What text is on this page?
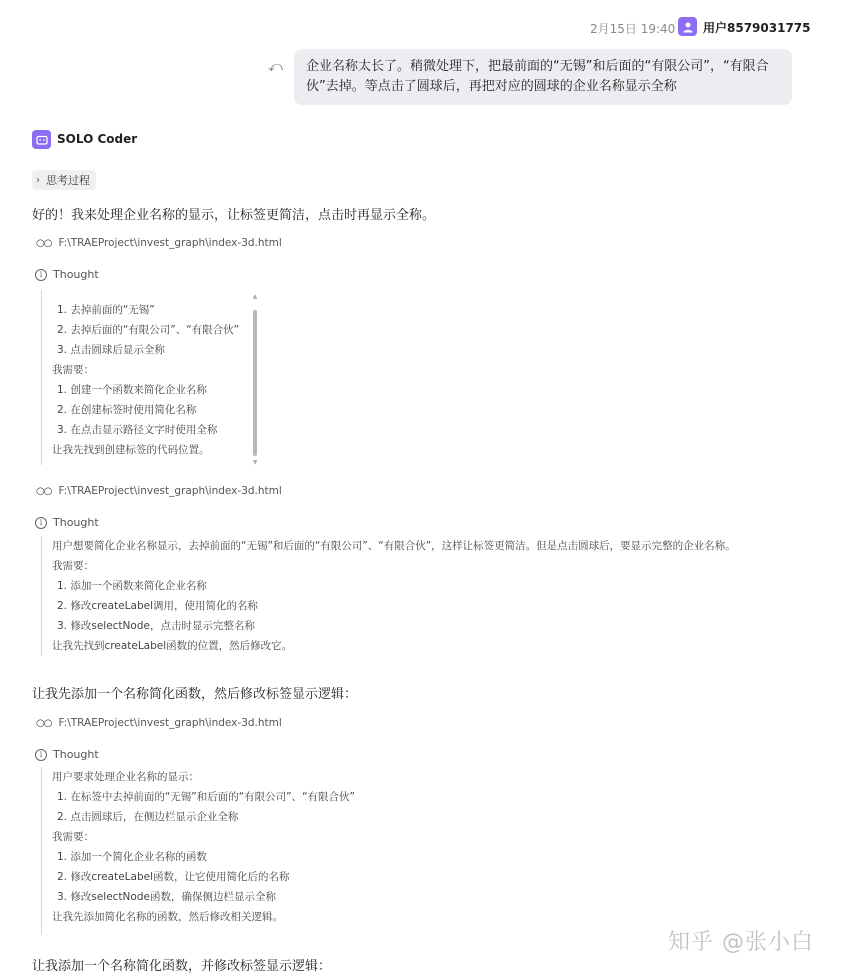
2月15日 19:40 用户8579031775
⤺	企业名称太长了。稍微处理下，把最前面的“无锡”和后面的“有限公司”，“有限合伙”去掉。等点击了圆球后，再把对应的圆球的企业名称显示全称
SOLO Coder
› 思考过程
好的！我来处理企业名称的显示，让标签更简洁，点击时再显示全称。
○○ F:\TRAEProject\invest_graph\index-3d.html
i Thought
1. 去掉前面的“无锡”
2. 去掉后面的“有限公司”、“有限合伙”
3. 点击圆球后显示全称
我需要：
1. 创建一个函数来简化企业名称
2. 在创建标签时使用简化名称
3. 在点击显示路径文字时使用全称
让我先找到创建标签的代码位置。
▲
▼
○○ F:\TRAEProject\invest_graph\index-3d.html
i Thought
用户想要简化企业名称显示，去掉前面的“无锡”和后面的“有限公司”、“有限合伙”，这样让标签更简洁。但是点击圆球后，要显示完整的企业名称。
我需要：
1. 添加一个函数来简化企业名称
2. 修改createLabel调用，使用简化的名称
3. 修改selectNode，点击时显示完整名称
让我先找到createLabel函数的位置，然后修改它。
让我先添加一个名称简化函数，然后修改标签显示逻辑：
○○ F:\TRAEProject\invest_graph\index-3d.html
i Thought
用户要求处理企业名称的显示：
1. 在标签中去掉前面的“无锡”和后面的“有限公司”、“有限合伙”
2. 点击圆球后，在侧边栏显示企业全称
我需要：
1. 添加一个简化企业名称的函数
2. 修改createLabel函数，让它使用简化后的名称
3. 修改selectNode函数，确保侧边栏显示全称
让我先添加简化名称的函数，然后修改相关逻辑。
让我添加一个名称简化函数，并修改标签显示逻辑：
知乎 @张小白
